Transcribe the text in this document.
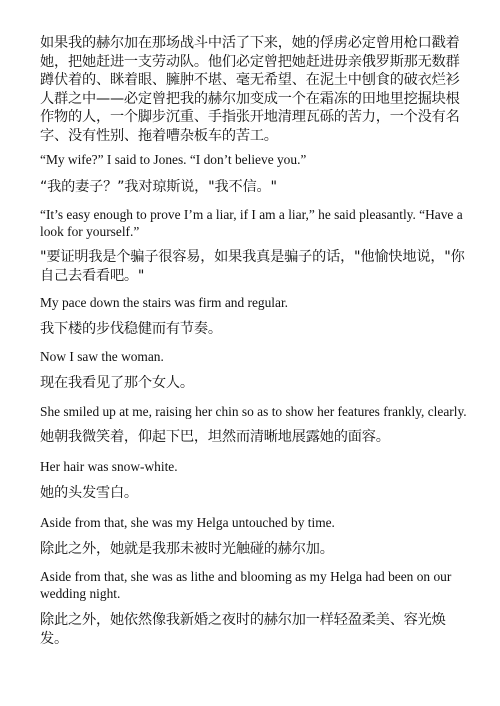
如果我的赫尔加在那场战斗中活了下来，她的俘虏必定曾用枪口戳着她，把她赶进一支劳动队。他们必定曾把她赶进毋亲俄罗斯那无数群蹲伏着的、眯着眼、臃肿不堪、毫无希望、在泥土中刨食的破衣烂衫人群之中——必定曾把我的赫尔加变成一个在霜冻的田地里挖掘块根作物的人，一个脚步沉重、手指张开地清理瓦砾的苦力，一个没有名字、没有性别、拖着嘈杂板车的苦工。

“My wife?” I said to Jones. “I don’t believe you.”

“我的妻子？”我对琼斯说，"我不信。"

“It’s easy enough to prove I’m a liar, if I am a liar,” he said pleasantly. “Have a look for yourself.”

"要证明我是个骗子很容易，如果我真是骗子的话，"他愉快地说，"你自己去看看吧。"

My pace down the stairs was firm and regular.

我下楼的步伐稳健而有节奏。

Now I saw the woman.

现在我看见了那个女人。

She smiled up at me, raising her chin so as to show her features frankly, clearly.

她朝我微笑着，仰起下巴，坦然而清晰地展露她的面容。

Her hair was snow-white.

她的头发雪白。

Aside from that, she was my Helga untouched by time.

除此之外，她就是我那未被时光触碰的赫尔加。

Aside from that, she was as lithe and blooming as my Helga had been on our wedding night.

除此之外，她依然像我新婚之夜时的赫尔加一样轻盈柔美、容光焕发。
